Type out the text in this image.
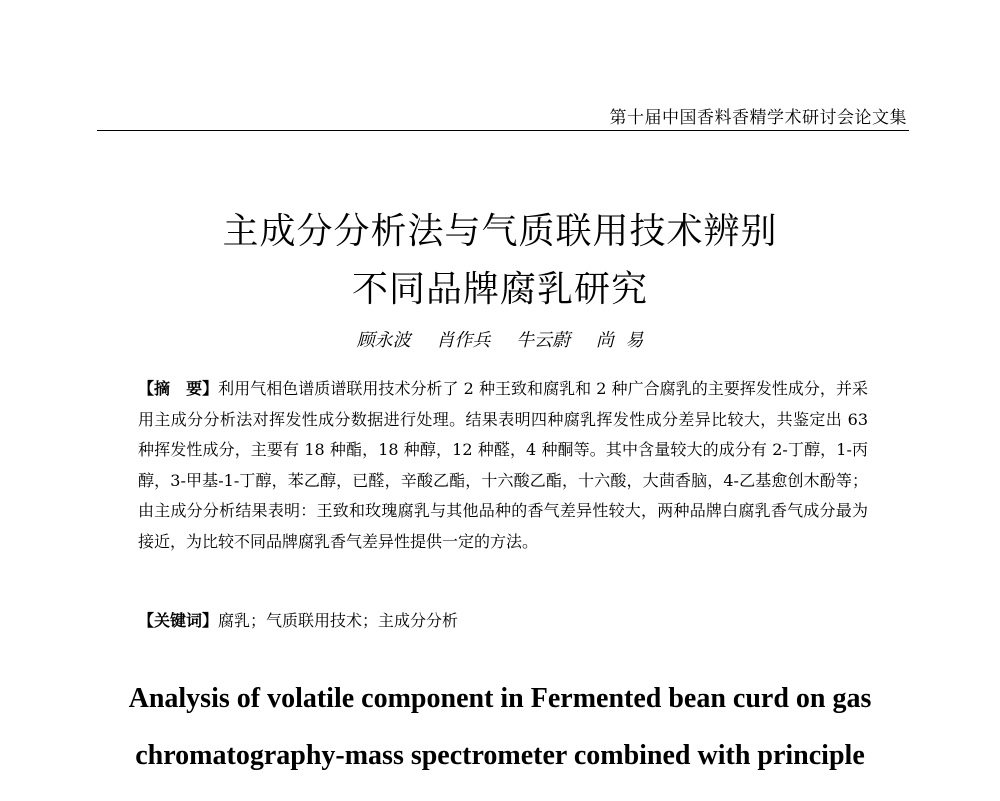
第十届中国香料香精学术研讨会论文集
主成分分析法与气质联用技术辨别
不同品牌腐乳研究
顾永波 肖作兵 牛云蔚 尚  易
【摘　要】利用气相色谱质谱联用技术分析了 2 种王致和腐乳和 2 种广合腐乳的主要挥发性成分，并采用主成分分析法对挥发性成分数据进行处理。结果表明四种腐乳挥发性成分差异比较大，共鉴定出 63 种挥发性成分，主要有 18 种酯，18 种醇，12 种醛，4 种酮等。其中含量较大的成分有 2-丁醇，1-丙醇，3-甲基-1-丁醇，苯乙醇，已醛，辛酸乙酯，十六酸乙酯，十六酸，大茴香脑，4-乙基愈创木酚等；由主成分分析结果表明：王致和玫瑰腐乳与其他品种的香气差异性较大，两种品牌白腐乳香气成分最为接近，为比较不同品牌腐乳香气差异性提供一定的方法。
【关键词】腐乳；气质联用技术；主成分分析
Analysis of volatile component in Fermented bean curd on gas
chromatography-mass spectrometer combined with principle
